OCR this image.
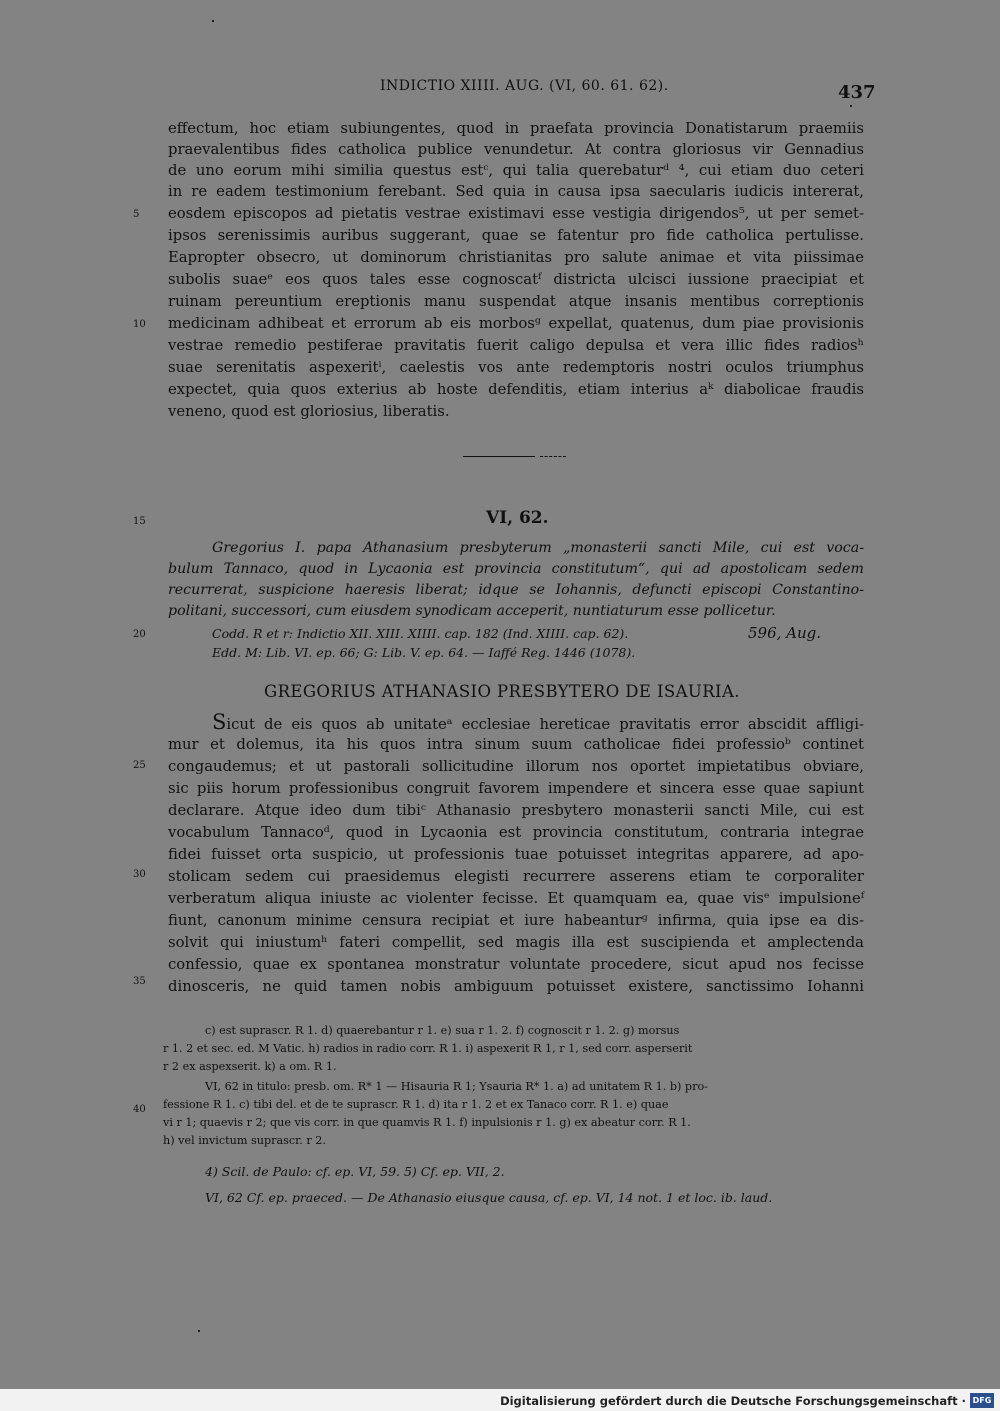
INDICTIO XIIII. AUG. (VI, 60. 61. 62).	437
effectum, hoc etiam subiungentes, quod in praefata provincia Donatistarum praemiis
praevalentibus fides catholica publice venundetur. At contra gloriosus vir Gennadius
de uno eorum mihi similia questus estᶜ, qui talia querebaturᵈ ⁴, cui etiam duo ceteri
in re eadem testimonium ferebant. Sed quia in causa ipsa saecularis iudicis intererat,
eosdem episcopos ad pietatis vestrae existimavi esse vestigia dirigendos⁵, ut per semet-
ipsos serenissimis auribus suggerant, quae se fatentur pro fide catholica pertulisse.
Eapropter obsecro, ut dominorum christianitas pro salute animae et vita piissimae
subolis suaeᵉ eos quos tales esse cognoscatᶠ districta ulcisci iussione praecipiat et
ruinam pereuntium ereptionis manu suspendat atque insanis mentibus correptionis
medicinam adhibeat et errorum ab eis morbosᵍ expellat, quatenus, dum piae provisionis
vestrae remedio pestiferae pravitatis fuerit caligo depulsa et vera illic fides radiosʰ
suae serenitatis aspexeritⁱ, caelestis vos ante redemptoris nostri oculos triumphus
expectet, quia quos exterius ab hoste defenditis, etiam interius aᵏ diabolicae fraudis
veneno, quod est gloriosius, liberatis.
5
10
15
20
25
30
35
40
VI, 62.
Gregorius I. papa Athanasium presbyterum „monasterii sancti Mile, cui est voca-
bulum Tannaco, quod in Lycaonia est provincia constitutum“, qui ad apostolicam sedem
recurrerat, suspicione haeresis liberat; idque se Iohannis, defuncti episcopi Constantino-
politani, successori, cum eiusdem synodicam acceperit, nuntiaturum esse pollicetur.
Codd. R et r: Indictio XII. XIII. XIIII. cap. 182 (Ind. XIIII. cap. 62).	596, Aug.
Edd. M: Lib. VI. ep. 66; G: Lib. V. ep. 64. — Iaffé Reg. 1446 (1078).
GREGORIUS ATHANASIO PRESBYTERO DE ISAURIA.
Sicut de eis quos ab unitateᵃ ecclesiae hereticae pravitatis error abscidit affligi-
mur et dolemus, ita his quos intra sinum suum catholicae fidei professioᵇ continet
congaudemus; et ut pastorali sollicitudine illorum nos oportet impietatibus obviare,
sic piis horum professionibus congruit favorem impendere et sincera esse quae sapiunt
declarare. Atque ideo dum tibiᶜ Athanasio presbytero monasterii sancti Mile, cui est
vocabulum Tannacoᵈ, quod in Lycaonia est provincia constitutum, contraria integrae
fidei fuisset orta suspicio, ut professionis tuae potuisset integritas apparere, ad apo-
stolicam sedem cui praesidemus elegisti recurrere asserens etiam te corporaliter
verberatum aliqua iniuste ac violenter fecisse. Et quamquam ea, quae visᵉ impulsioneᶠ
fiunt, canonum minime censura recipiat et iure habeanturᵍ infirma, quia ipse ea dis-
solvit qui iniustumʰ fateri compellit, sed magis illa est suscipienda et amplectenda
confessio, quae ex spontanea monstratur voluntate procedere, sicut apud nos fecisse
dinosceris, ne quid tamen nobis ambiguum potuisset existere, sanctissimo Iohanni
c) est suprascr. R 1. d) quaerebantur r 1. e) sua r 1. 2. f) cognoscit r 1. 2. g) morsus
r 1. 2 et sec. ed. M Vatic. h) radios in radio corr. R 1. i) aspexerit R 1, r 1, sed corr. asperserit
r 2 ex aspexserit. k) a om. R 1.
VI, 62 in titulo: presb. om. R* 1 — Hisauria R 1; Ysauria R* 1. a) ad unitatem R 1. b) pro-
fessione R 1. c) tibi del. et de te suprascr. R 1. d) ita r 1. 2 et ex Tanaco corr. R 1. e) quae
vi r 1; quaevis r 2; que vis corr. in que quamvis R 1. f) inpulsionis r 1. g) ex abeatur corr. R 1.
h) vel invictum suprascr. r 2.
4) Scil. de Paulo: cf. ep. VI, 59. 5) Cf. ep. VII, 2.
VI, 62 Cf. ep. praeced. — De Athanasio eiusque causa, cf. ep. VI, 14 not. 1 et loc. ib. laud.
Digitalisierung gefördert durch die Deutsche Forschungsgemeinschaft · DFG
